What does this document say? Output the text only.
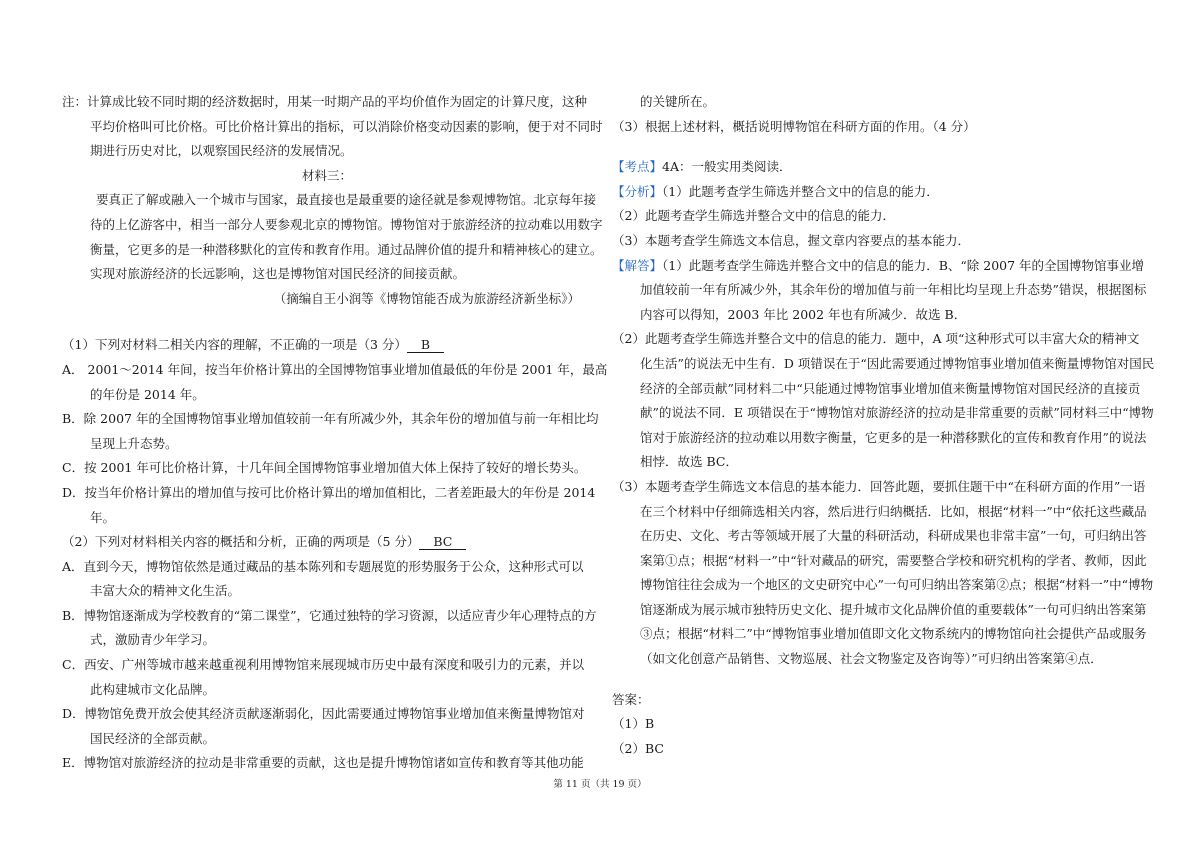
注：计算成比较不同时期的经济数据时，用某一时期产品的平均价值作为固定的计算尺度，这种

平均价格叫可比价格。可比价格计算出的指标，可以消除价格变动因素的影响，便于对不同时

期进行历史对比，以观察国民经济的发展情况。

材料三：

要真正了解或融入一个城市与国家，最直接也是最重要的途径就是参观博物馆。北京每年接

待的上亿游客中，相当一部分人要参观北京的博物馆。博物馆对于旅游经济的拉动难以用数字

衡量，它更多的是一种潜移默化的宣传和教育作用。通过品牌价值的提升和精神核心的建立。

实现对旅游经济的长远影响，这也是博物馆对国民经济的间接贡献。

（摘编自王小润等《博物馆能否成为旅游经济新坐标》）

（1）下列对材料二相关内容的理解，不正确的一项是（3 分） B

A． 2001～2014 年间，按当年价格计算出的全国博物馆事业增加值最低的年份是 2001 年，最高

的年份是 2014 年。

B．除 2007 年的全国博物馆事业增加值较前一年有所减少外，其余年份的增加值与前一年相比均

呈现上升态势。

C．按 2001 年可比价格计算，十几年间全国博物馆事业增加值大体上保持了较好的增长势头。

D．按当年价格计算出的增加值与按可比价格计算出的增加值相比，二者差距最大的年份是 2014

年。

（2）下列对材料相关内容的概括和分析，正确的两项是（5 分） BC

A．直到今天，博物馆依然是通过藏品的基本陈列和专题展览的形势服务于公众，这种形式可以

丰富大众的精神文化生活。

B．博物馆逐渐成为学校教育的“第二课堂”，它通过独特的学习资源，以适应青少年心理特点的方

式，激励青少年学习。

C．西安、广州等城市越来越重视利用博物馆来展现城市历史中最有深度和吸引力的元素，并以

此构建城市文化品牌。

D．博物馆免费开放会使其经济贡献逐渐弱化，因此需要通过博物馆事业增加值来衡量博物馆对

国民经济的全部贡献。

E．博物馆对旅游经济的拉动是非常重要的贡献，这也是提升博物馆诸如宣传和教育等其他功能

的关键所在。

（3）根据上述材料，概括说明博物馆在科研方面的作用。（4 分）

【考点】4A：一般实用类阅读．

【分析】（1）此题考查学生筛选并整合文中的信息的能力．

（2）此题考查学生筛选并整合文中的信息的能力．

（3）本题考查学生筛选文本信息，握文章内容要点的基本能力．

【解答】（1）此题考查学生筛选并整合文中的信息的能力．B、“除 2007 年的全国博物馆事业增

加值较前一年有所减少外，其余年份的增加值与前一年相比均呈现上升态势”错误，根据图标

内容可以得知，2003 年比 2002 年也有所减少．故选 B．

（2）此题考查学生筛选并整合文中的信息的能力．题中，A 项“这种形式可以丰富大众的精神文

化生活”的说法无中生有．D 项错误在于“因此需要通过博物馆事业增加值来衡量博物馆对国民

经济的全部贡献”同材料二中“只能通过博物馆事业增加值来衡量博物馆对国民经济的直接贡

献”的说法不同．E 项错误在于“博物馆对旅游经济的拉动是非常重要的贡献”同材料三中“博物

馆对于旅游经济的拉动难以用数字衡量，它更多的是一种潜移默化的宣传和教育作用”的说法

相悖．故选 BC．

（3）本题考查学生筛选文本信息的基本能力．回答此题，要抓住题干中“在科研方面的作用”一语

在三个材料中仔细筛选相关内容，然后进行归纳概括．比如，根据“材料一”中“依托这些藏品

在历史、文化、考古等领域开展了大量的科研活动，科研成果也非常丰富”一句，可归纳出答

案第①点；根据“材料一”中“针对藏品的研究，需要整合学校和研究机构的学者、教师，因此

博物馆往往会成为一个地区的文史研究中心”一句可归纳出答案第②点；根据“材料一”中“博物

馆逐渐成为展示城市独特历史文化、提升城市文化品牌价值的重要载体”一句可归纳出答案第

③点；根据“材料二”中“博物馆事业增加值即文化文物系统内的博物馆向社会提供产品或服务

（如文化创意产品销售、文物巡展、社会文物鉴定及咨询等）”可归纳出答案第④点．

答案：

（1）B

（2）BC

第 11 页（共 19 页）
